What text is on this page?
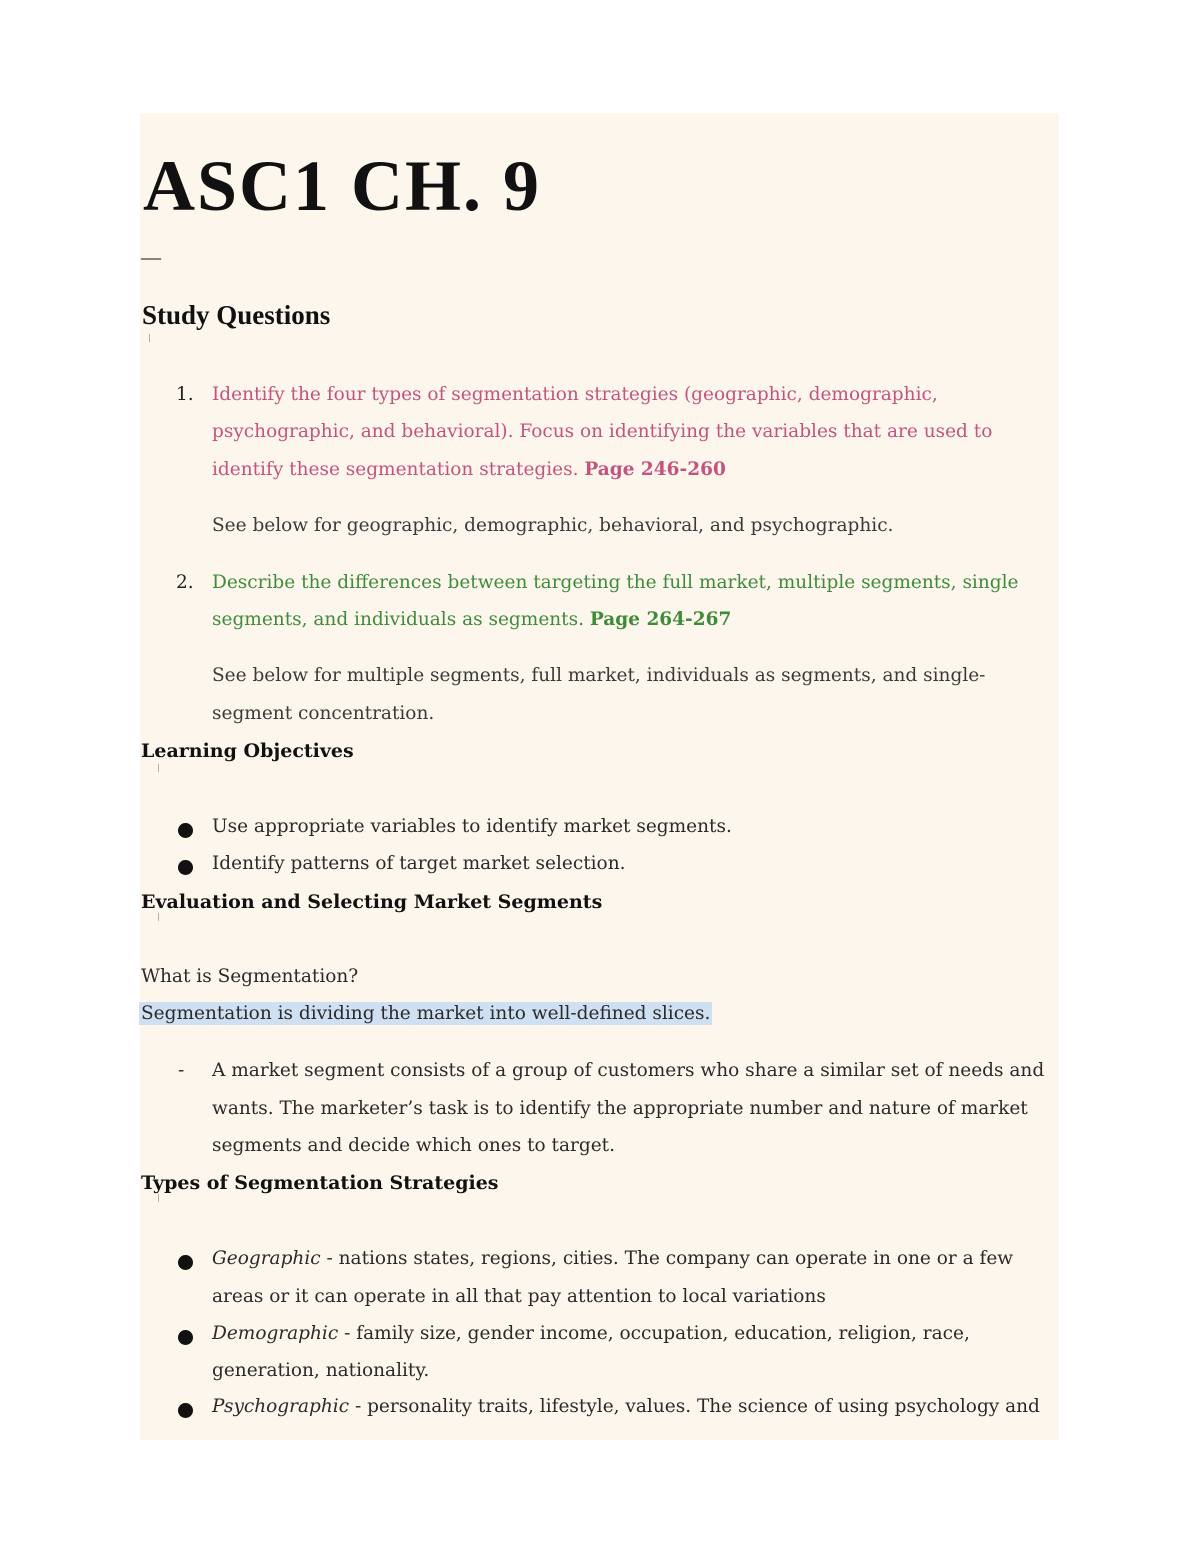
ASC1 CH. 9
__
Study Questions
1. Identify the four types of segmentation strategies (geographic, demographic,
psychographic, and behavioral). Focus on identifying the variables that are used to
identify these segmentation strategies. Page 246-260
See below for geographic, demographic, behavioral, and psychographic.
2. Describe the differences between targeting the full market, multiple segments, single
segments, and individuals as segments. Page 264-267
See below for multiple segments, full market, individuals as segments, and single-
segment concentration.
Learning Objectives
Use appropriate variables to identify market segments.
Identify patterns of target market selection.
Evaluation and Selecting Market Segments
What is Segmentation?
Segmentation is dividing the market into well-defined slices.
- A market segment consists of a group of customers who share a similar set of needs and
wants. The marketer’s task is to identify the appropriate number and nature of market
segments and decide which ones to target.
Types of Segmentation Strategies
Geographic - nations states, regions, cities. The company can operate in one or a few
areas or it can operate in all that pay attention to local variations
Demographic - family size, gender income, occupation, education, religion, race,
generation, nationality.
Psychographic - personality traits, lifestyle, values. The science of using psychology and
